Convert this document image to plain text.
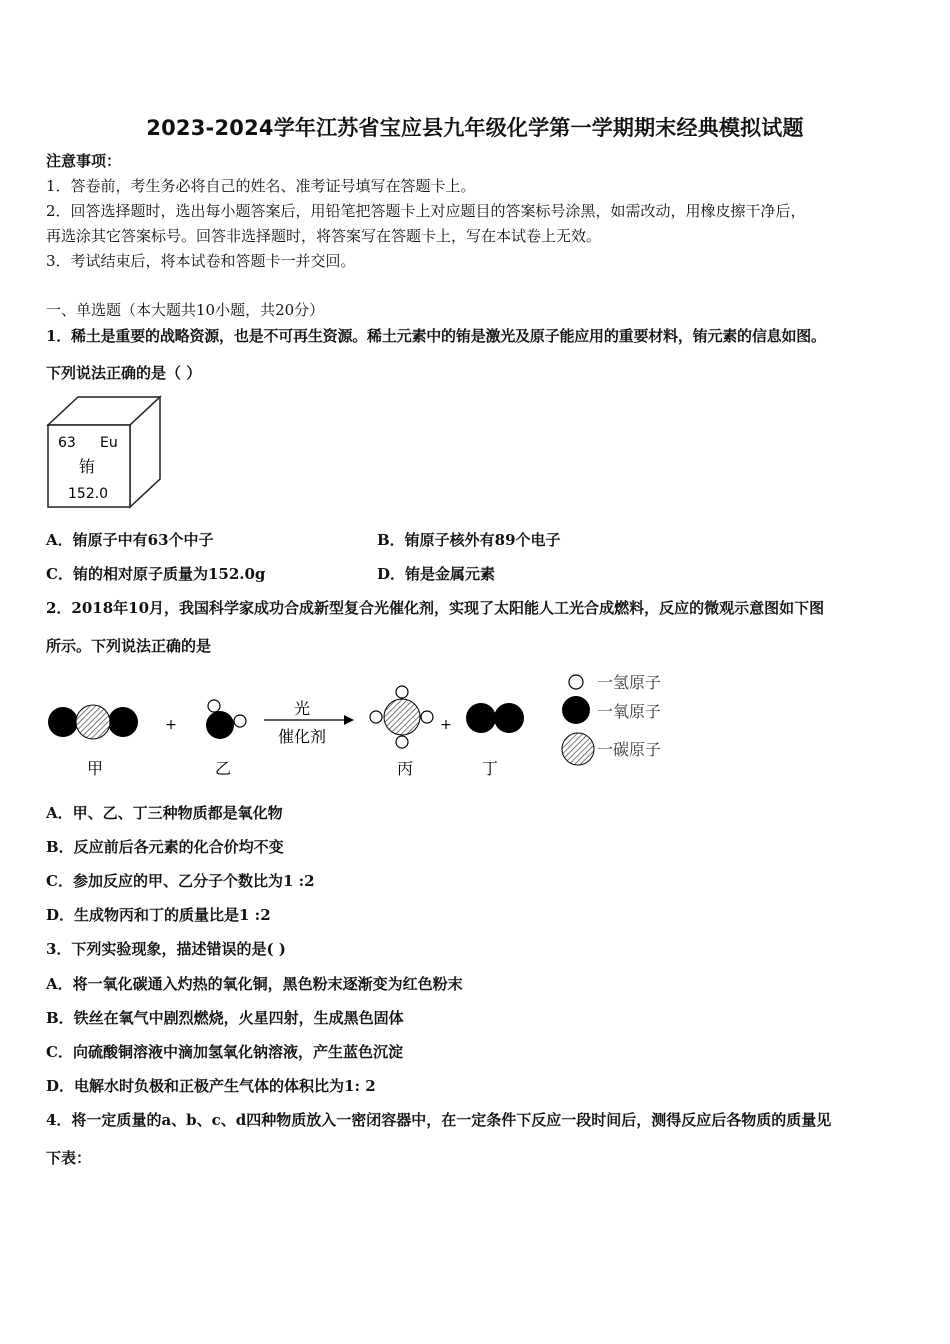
2023-2024学年江苏省宝应县九年级化学第一学期期末经典模拟试题
注意事项：
1．答卷前，考生务必将自己的姓名、准考证号填写在答题卡上。
2．回答选择题时，选出每小题答案后，用铅笔把答题卡上对应题目的答案标号涂黑，如需改动，用橡皮擦干净后，
再选涂其它答案标号。回答非选择题时，将答案写在答题卡上，写在本试卷上无效。
3．考试结束后，将本试卷和答题卡一并交回。
一、单选题（本大题共10小题，共20分）
1．稀土是重要的战略资源，也是不可再生资源。稀土元素中的铕是激光及原子能应用的重要材料，铕元素的信息如图。
下列说法正确的是（ ）
63 Eu
铕
152.0
A．铕原子中有63个中子	B．铕原子核外有89个电子
C．铕的相对原子质量为152.0g	D．铕是金属元素
2．2018年10月，我国科学家成功合成新型复合光催化剂，实现了太阳能人工光合成燃料，反应的微观示意图如下图
所示。下列说法正确的是
甲
+
乙
光
催化剂
丙
+
丁
一氢原子
一氧原子
一碳原子
A．甲、乙、丁三种物质都是氧化物
B．反应前后各元素的化合价均不变
C．参加反应的甲、乙分子个数比为1 :2
D．生成物丙和丁的质量比是1 :2
3．下列实验现象，描述错误的是( )
A．将一氧化碳通入灼热的氧化铜，黑色粉末逐渐变为红色粉末
B．铁丝在氧气中剧烈燃烧，火星四射，生成黑色固体
C．向硫酸铜溶液中滴加氢氧化钠溶液，产生蓝色沉淀
D．电解水时负极和正极产生气体的体积比为1: 2
4．将一定质量的a、b、c、d四种物质放入一密闭容器中，在一定条件下反应一段时间后，测得反应后各物质的质量见
下表：
